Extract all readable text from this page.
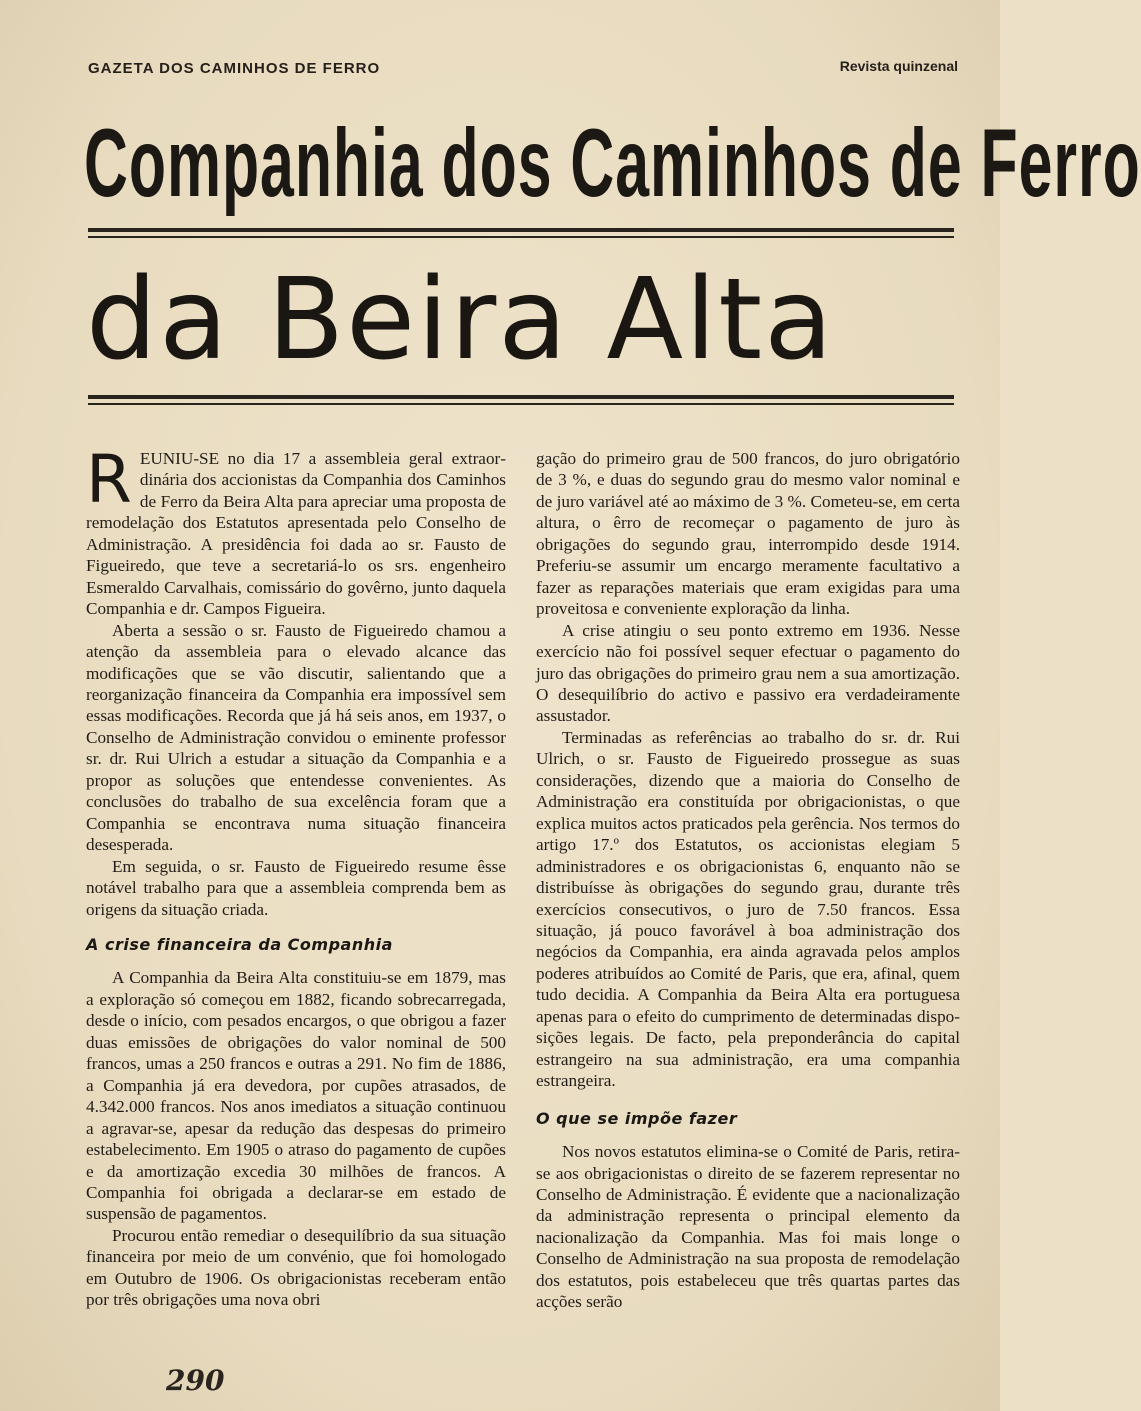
GAZETA DOS CAMINHOS DE FERRO	Revista quinzenal
Companhia dos Caminhos de Ferro
da Beira Alta

REUNIU-SE no dia 17 a assembleia geral extraordinária dos accionistas da Companhia dos Caminhos de Ferro da Beira Alta para apreciar uma proposta de remodelação dos Estatutos apresentada pelo Conselho de Administração. A presidência foi dada ao sr. Fausto de Figueiredo, que teve a secretariá-lo os srs. engenheiro Esmeraldo Carvalhais, comissário do govêrno, junto daquela Companhia e dr. Campos Figueira.

Aberta a sessão o sr. Fausto de Figueiredo chamou a atenção da assembleia para o elevado alcance das modificações que se vão discutir, salientando que a reorganização financeira da Companhia era impossível sem essas modificações. Recorda que já há seis anos, em 1937, o Conselho de Administração convidou o eminente professor sr. dr. Rui Ulrich a estudar a situação da Companhia e a propor as soluções que entendesse convenientes. As conclusões do trabalho de sua excelência foram que a Companhia se encontrava numa situação financeira desesperada.

Em seguida, o sr. Fausto de Figueiredo resume êsse notável trabalho para que a assembleia comprenda bem as origens da situação criada.

A crise financeira da Companhia

A Companhia da Beira Alta constituiu-se em 1879, mas a exploração só começou em 1882, ficando sobrecarregada, desde o início, com pesados encargos, o que obrigou a fazer duas emissões de obrigações do valor nominal de 500 francos, umas a 250 francos e outras a 291. No fim de 1886, a Companhia já era devedora, por cupões atrasados, de 4.342.000 francos. Nos anos imediatos a situação continuou a agravar-se, apesar da redução das despesas do primeiro estabelecimento. Em 1905 o atraso do pagamento de cupões e da amortização excedia 30 milhões de francos. A Companhia foi obrigada a declarar-se em estado de suspensão de pagamentos.

Procurou então remediar o desequilíbrio da sua situação financeira por meio de um convénio, que foi homologado em Outubro de 1906. Os obrigacionistas receberam então por três obrigações uma nova obri

gação do primeiro grau de 500 francos, do juro obrigatório de 3 %, e duas do segundo grau do mesmo valor nominal e de juro variável até ao máximo de 3 %. Cometeu-se, em certa altura, o êrro de recomeçar o pagamento de juro às obrigações do segundo grau, interrompido desde 1914. Preferiu-se assumir um encargo meramente facultativo a fazer as reparações materiais que eram exigidas para uma proveitosa e conveniente exploração da linha.

A crise atingiu o seu ponto extremo em 1936. Nesse exercício não foi possível sequer efectuar o pagamento do juro das obrigações do primeiro grau nem a sua amortização. O desequilíbrio do activo e passivo era verdadeiramente assustador.

Terminadas as referências ao trabalho do sr. dr. Rui Ulrich, o sr. Fausto de Figueiredo prossegue as suas considerações, dizendo que a maioria do Conselho de Administração era constituída por obrigacionistas, o que explica muitos actos praticados pela gerência. Nos termos do artigo 17.º dos Estatutos, os accionistas elegiam 5 administradores e os obrigacionistas 6, enquanto não se distribuísse às obrigações do segundo grau, durante três exercícios consecutivos, o juro de 7.50 francos. Essa situação, já pouco favorável à boa administração dos negócios da Companhia, era ainda agravada pelos amplos poderes atribuídos ao Comité de Paris, que era, afinal, quem tudo decidia. A Companhia da Beira Alta era portuguesa apenas para o efeito do cumprimento de determinadas disposições legais. De facto, pela preponderância do capital estrangeiro na sua administração, era uma companhia estrangeira.

O que se impõe fazer

Nos novos estatutos elimina-se o Comité de Paris, retira-se aos obrigacionistas o direito de se fazerem representar no Conselho de Administração. É evidente que a nacionalização da administração representa o principal elemento da nacionalização da Companhia. Mas foi mais longe o Conselho de Administração na sua proposta de remodelação dos estatutos, pois estabeleceu que três quartas partes das acções serão

290
